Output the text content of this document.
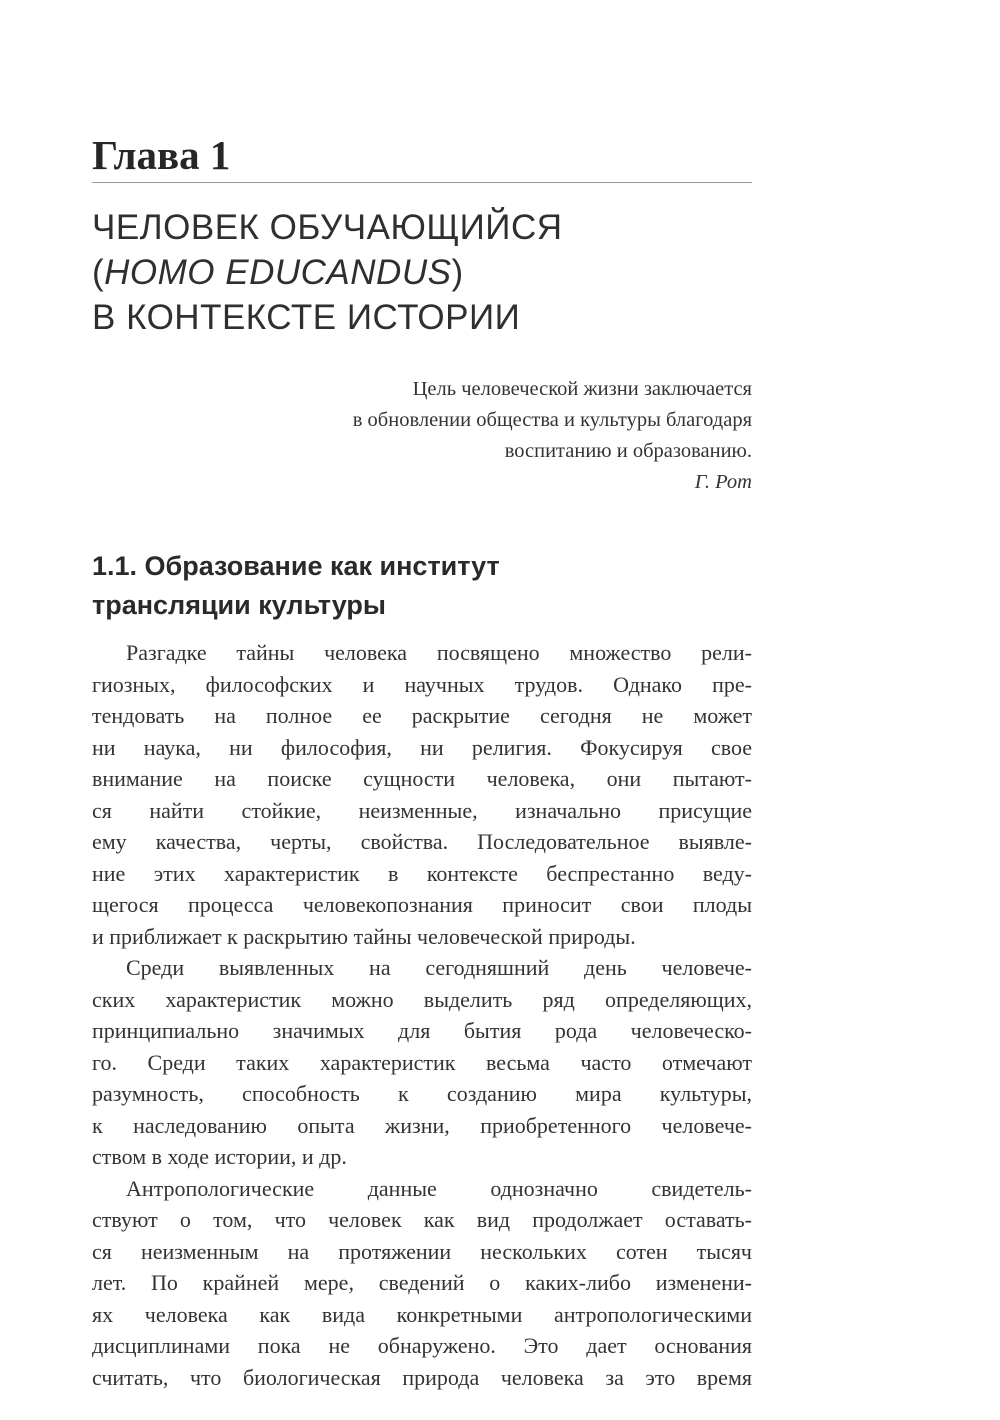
Глава 1
ЧЕЛОВЕК ОБУЧАЮЩИЙСЯ
(HOMO EDUCANDUS)
В КОНТЕКСТЕ ИСТОРИИ
Цель человеческой жизни заключается
в обновлении общества и культуры благодаря
воспитанию и образованию.
Г. Рот
1.1. Образование как институт
трансляции культуры

Разгадке тайны человека посвящено множество рели-
гиозных, философских и научных трудов. Однако пре-
тендовать на полное ее раскрытие сегодня не может
ни наука, ни философия, ни религия. Фокусируя свое
внимание на поиске сущности человека, они пытают-
ся найти стойкие, неизменные, изначально присущие
ему качества, черты, свойства. Последовательное выявле-
ние этих характеристик в контексте беспрестанно веду-
щегося процесса человекопознания приносит свои плоды
и приближает к раскрытию тайны человеческой природы.

Среди выявленных на сегодняшний день человече-
ских характеристик можно выделить ряд определяющих,
принципиально значимых для бытия рода человеческо-
го. Среди таких характеристик весьма часто отмечают
разумность, способность к созданию мира культуры,
к наследованию опыта жизни, приобретенного человече-
ством в ходе истории, и др.

Антропологические данные однозначно свидетель-
ствуют о том, что человек как вид продолжает оставать-
ся неизменным на протяжении нескольких сотен тысяч
лет. По крайней мере, сведений о каких-либо изменени-
ях человека как вида конкретными антропологическими
дисциплинами пока не обнаружено. Это дает основания
считать, что биологическая природа человека за это время
